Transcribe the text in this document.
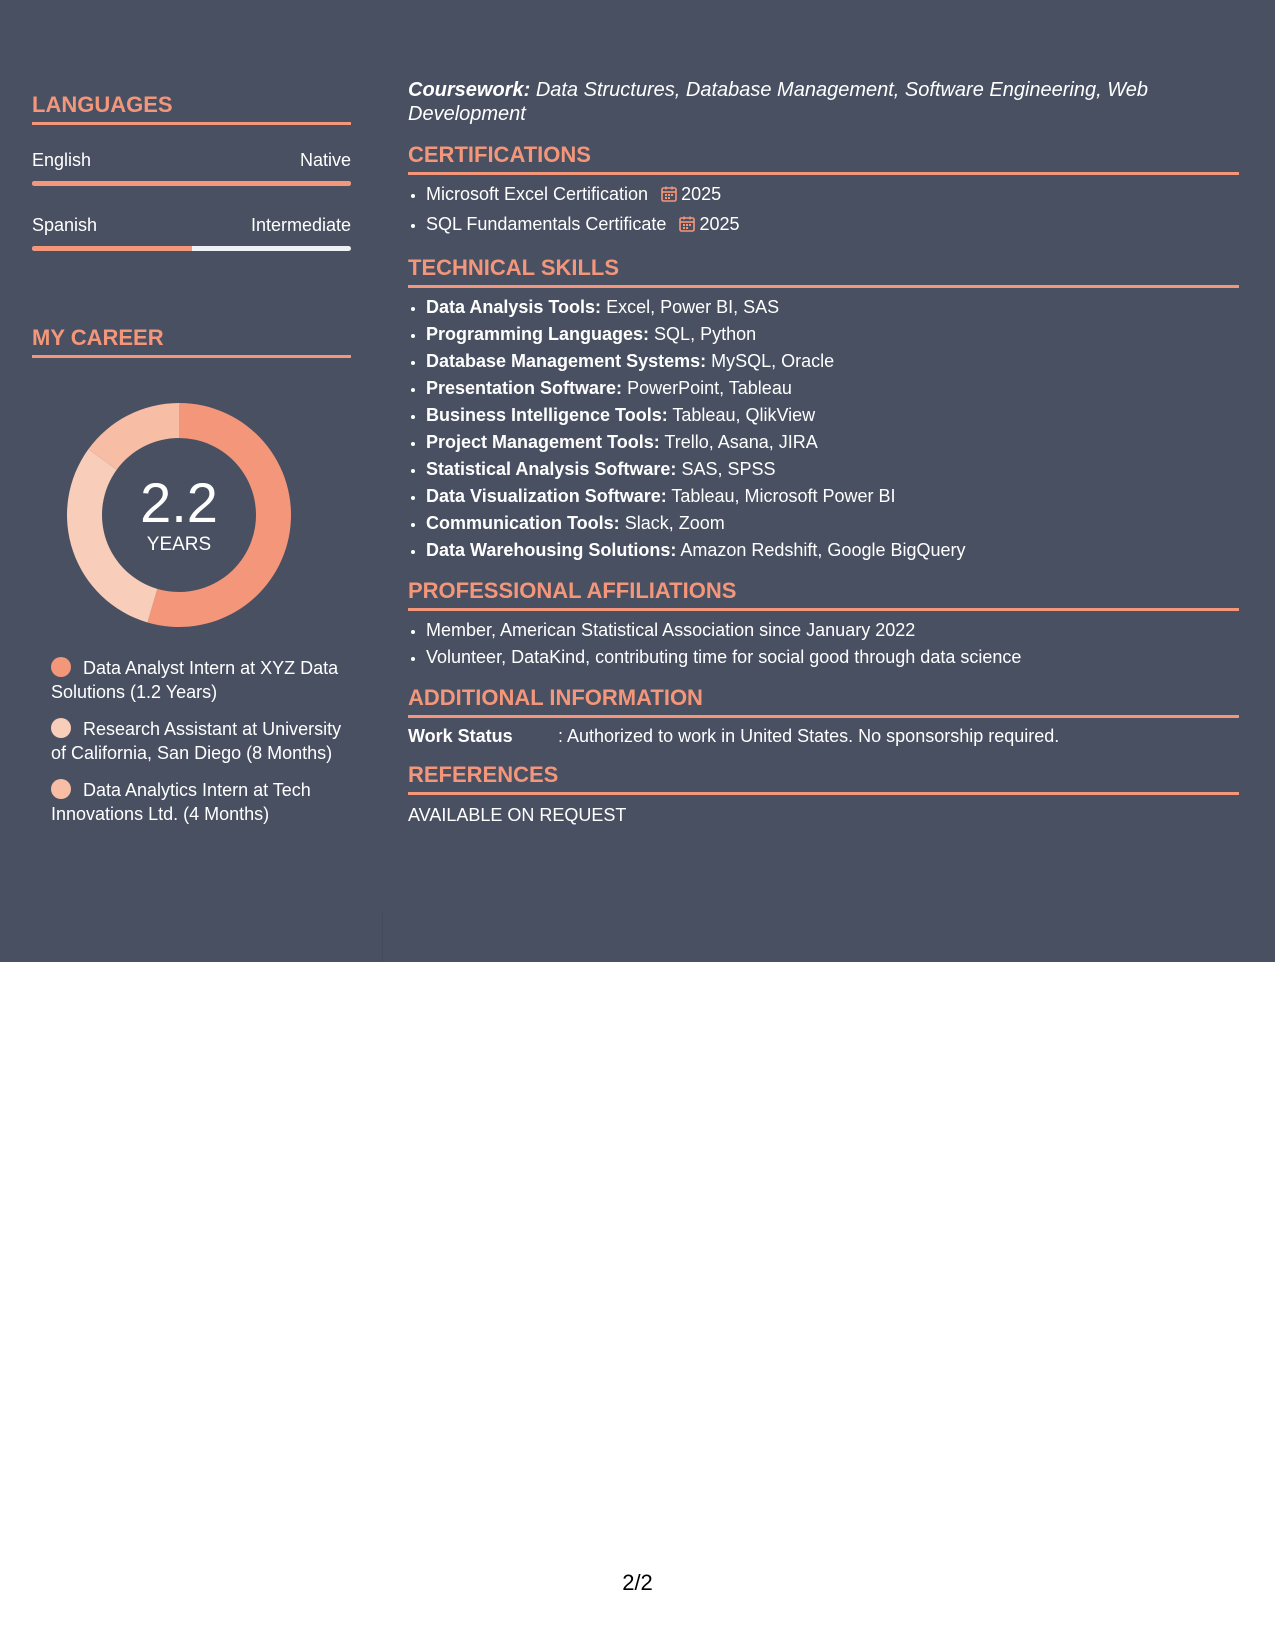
LANGUAGES
English	Native
Spanish	Intermediate
MY CAREER
2.2
YEARS
Data Analyst Intern at XYZ Data Solutions (1.2 Years)
Research Assistant at University of California, San Diego (8 Months)
Data Analytics Intern at Tech Innovations Ltd. (4 Months)

Coursework: Data Structures, Database Management, Software Engineering, Web Development

CERTIFICATIONS
• Microsoft Excel Certification 2025
• SQL Fundamentals Certificate 2025
TECHNICAL SKILLS
• Data Analysis Tools: Excel, Power BI, SAS
• Programming Languages: SQL, Python
• Database Management Systems: MySQL, Oracle
• Presentation Software: PowerPoint, Tableau
• Business Intelligence Tools: Tableau, QlikView
• Project Management Tools: Trello, Asana, JIRA
• Statistical Analysis Software: SAS, SPSS
• Data Visualization Software: Tableau, Microsoft Power BI
• Communication Tools: Slack, Zoom
• Data Warehousing Solutions: Amazon Redshift, Google BigQuery
PROFESSIONAL AFFILIATIONS
• Member, American Statistical Association since January 2022
• Volunteer, DataKind, contributing time for social good through data science
ADDITIONAL INFORMATION
Work Status	: Authorized to work in United States. No sponsorship required.
REFERENCES
AVAILABLE ON REQUEST
2/2
